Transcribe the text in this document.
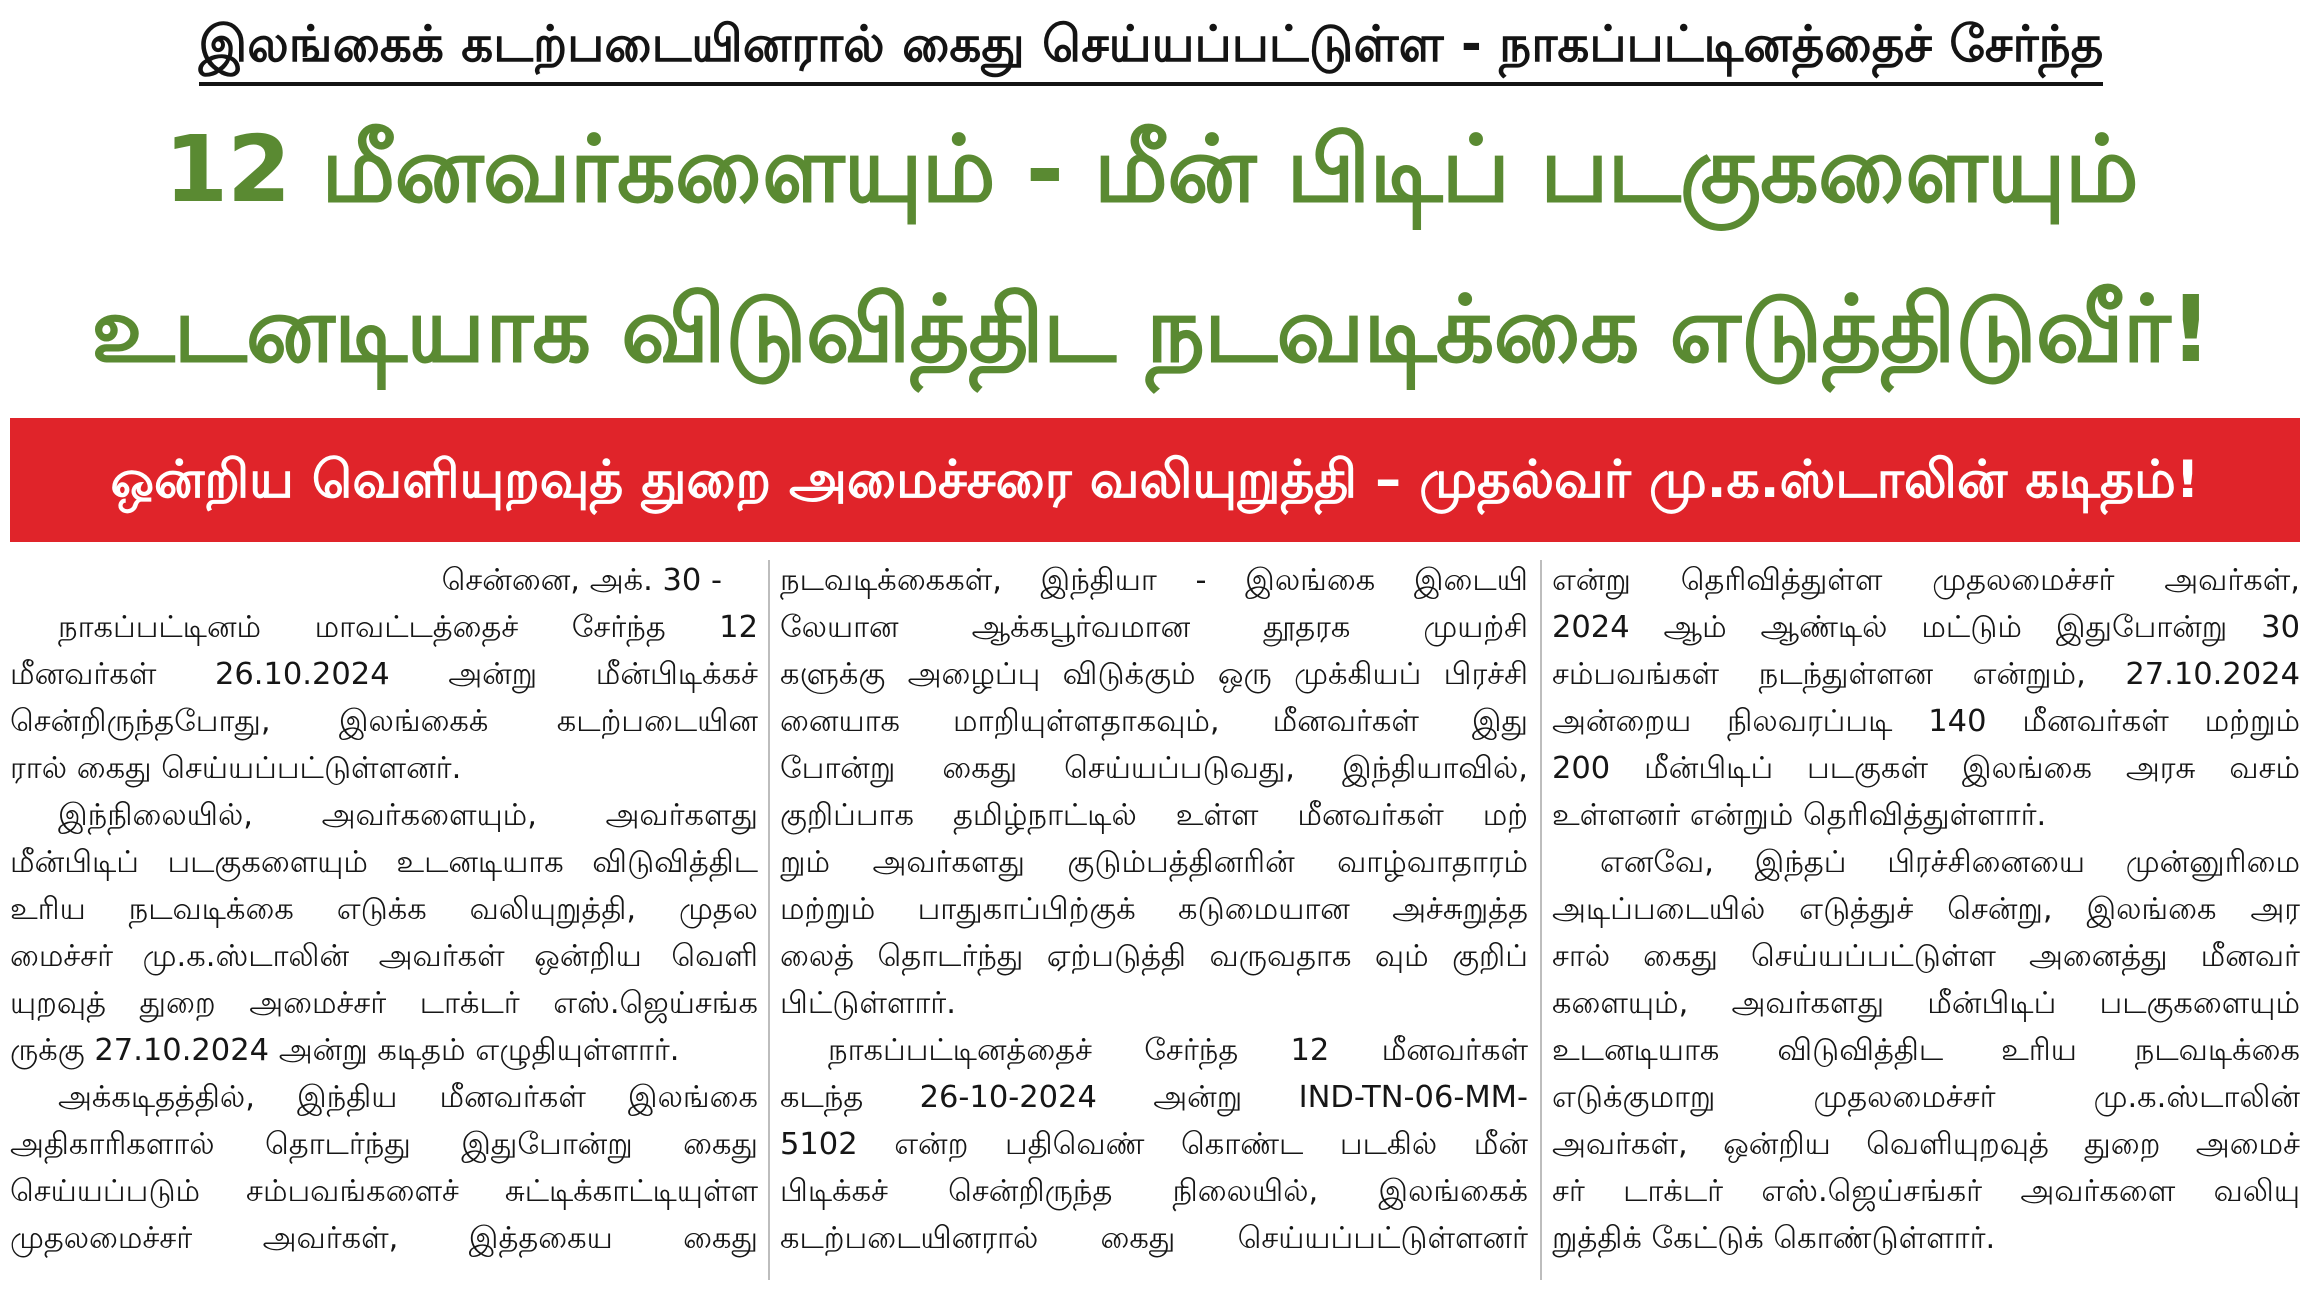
இலங்கைக் கடற்படையினரால் கைது செய்யப்பட்டுள்ள - நாகப்பட்டினத்தைச் சேர்ந்த
12 மீனவர்களையும் - மீன் பிடிப் படகுகளையும்
உடனடியாக விடுவித்திட நடவடிக்கை எடுத்திடுவீர்!
ஒன்றிய வெளியுறவுத் துறை அமைச்சரை வலியுறுத்தி – முதல்வர் மு.க.ஸ்டாலின் கடிதம்!
சென்னை, அக். 30 -
நாகப்பட்டினம் மாவட்டத்தைச் சேர்ந்த 12
மீனவர்கள் 26.10.2024 அன்று மீன்பிடிக்கச்
சென்றிருந்தபோது, இலங்கைக் கடற்படையின
ரால் கைது செய்யப்பட்டுள்ளனர்.
இந்நிலையில், அவர்களையும், அவர்களது
மீன்பிடிப் படகுகளையும் உடனடியாக விடுவித்திட
உரிய நடவடிக்கை எடுக்க வலியுறுத்தி, முதல
மைச்சர் மு.க.ஸ்டாலின் அவர்கள் ஒன்றிய வெளி
யுறவுத் துறை அமைச்சர் டாக்டர் எஸ்.ஜெய்சங்க
ருக்கு 27.10.2024 அன்று கடிதம் எழுதியுள்ளார்.
அக்கடிதத்தில், இந்திய மீனவர்கள் இலங்கை
அதிகாரிகளால் தொடர்ந்து இதுபோன்று கைது
செய்யப்படும் சம்பவங்களைச் சுட்டிக்காட்டியுள்ள
முதலமைச்சர் அவர்கள், இத்தகைய கைது
நடவடிக்கைகள், இந்தியா - இலங்கை இடையி
லேயான ஆக்கபூர்வமான தூதரக முயற்சி
களுக்கு அழைப்பு விடுக்கும் ஒரு முக்கியப் பிரச்சி
னையாக மாறியுள்ளதாகவும், மீனவர்கள் இது
போன்று கைது செய்யப்படுவது, இந்தியாவில்,
குறிப்பாக தமிழ்நாட்டில் உள்ள மீனவர்கள் மற்
றும் அவர்களது குடும்பத்தினரின் வாழ்வாதாரம்
மற்றும் பாதுகாப்பிற்குக் கடுமையான அச்சுறுத்த
லைத் தொடர்ந்து ஏற்படுத்தி வருவதாக வும் குறிப்
பிட்டுள்ளார்.
நாகப்பட்டினத்தைச் சேர்ந்த 12 மீனவர்கள்
கடந்த 26-10-2024 அன்று IND-TN-06-MM-
5102 என்ற பதிவெண் கொண்ட படகில் மீன்
பிடிக்கச் சென்றிருந்த நிலையில், இலங்கைக்
கடற்படையினரால் கைது செய்யப்பட்டுள்ளனர்
என்று தெரிவித்துள்ள முதலமைச்சர் அவர்கள்,
2024 ஆம் ஆண்டில் மட்டும் இதுபோன்று 30
சம்பவங்கள் நடந்துள்ளன என்றும், 27.10.2024
அன்றைய நிலவரப்படி 140 மீனவர்கள் மற்றும்
200 மீன்பிடிப் படகுகள் இலங்கை அரசு வசம்
உள்ளனர் என்றும் தெரிவித்துள்ளார்.
எனவே, இந்தப் பிரச்சினையை முன்னுரிமை
அடிப்படையில் எடுத்துச் சென்று, இலங்கை அர
சால் கைது செய்யப்பட்டுள்ள அனைத்து மீனவர்
களையும், அவர்களது மீன்பிடிப் படகுகளையும்
உடனடியாக விடுவித்திட உரிய நடவடிக்கை
எடுக்குமாறு முதலமைச்சர் மு.க.ஸ்டாலின்
அவர்கள், ஒன்றிய வெளியுறவுத் துறை அமைச்
சர் டாக்டர் எஸ்.ஜெய்சங்கர் அவர்களை வலியு
றுத்திக் கேட்டுக் கொண்டுள்ளார்.
